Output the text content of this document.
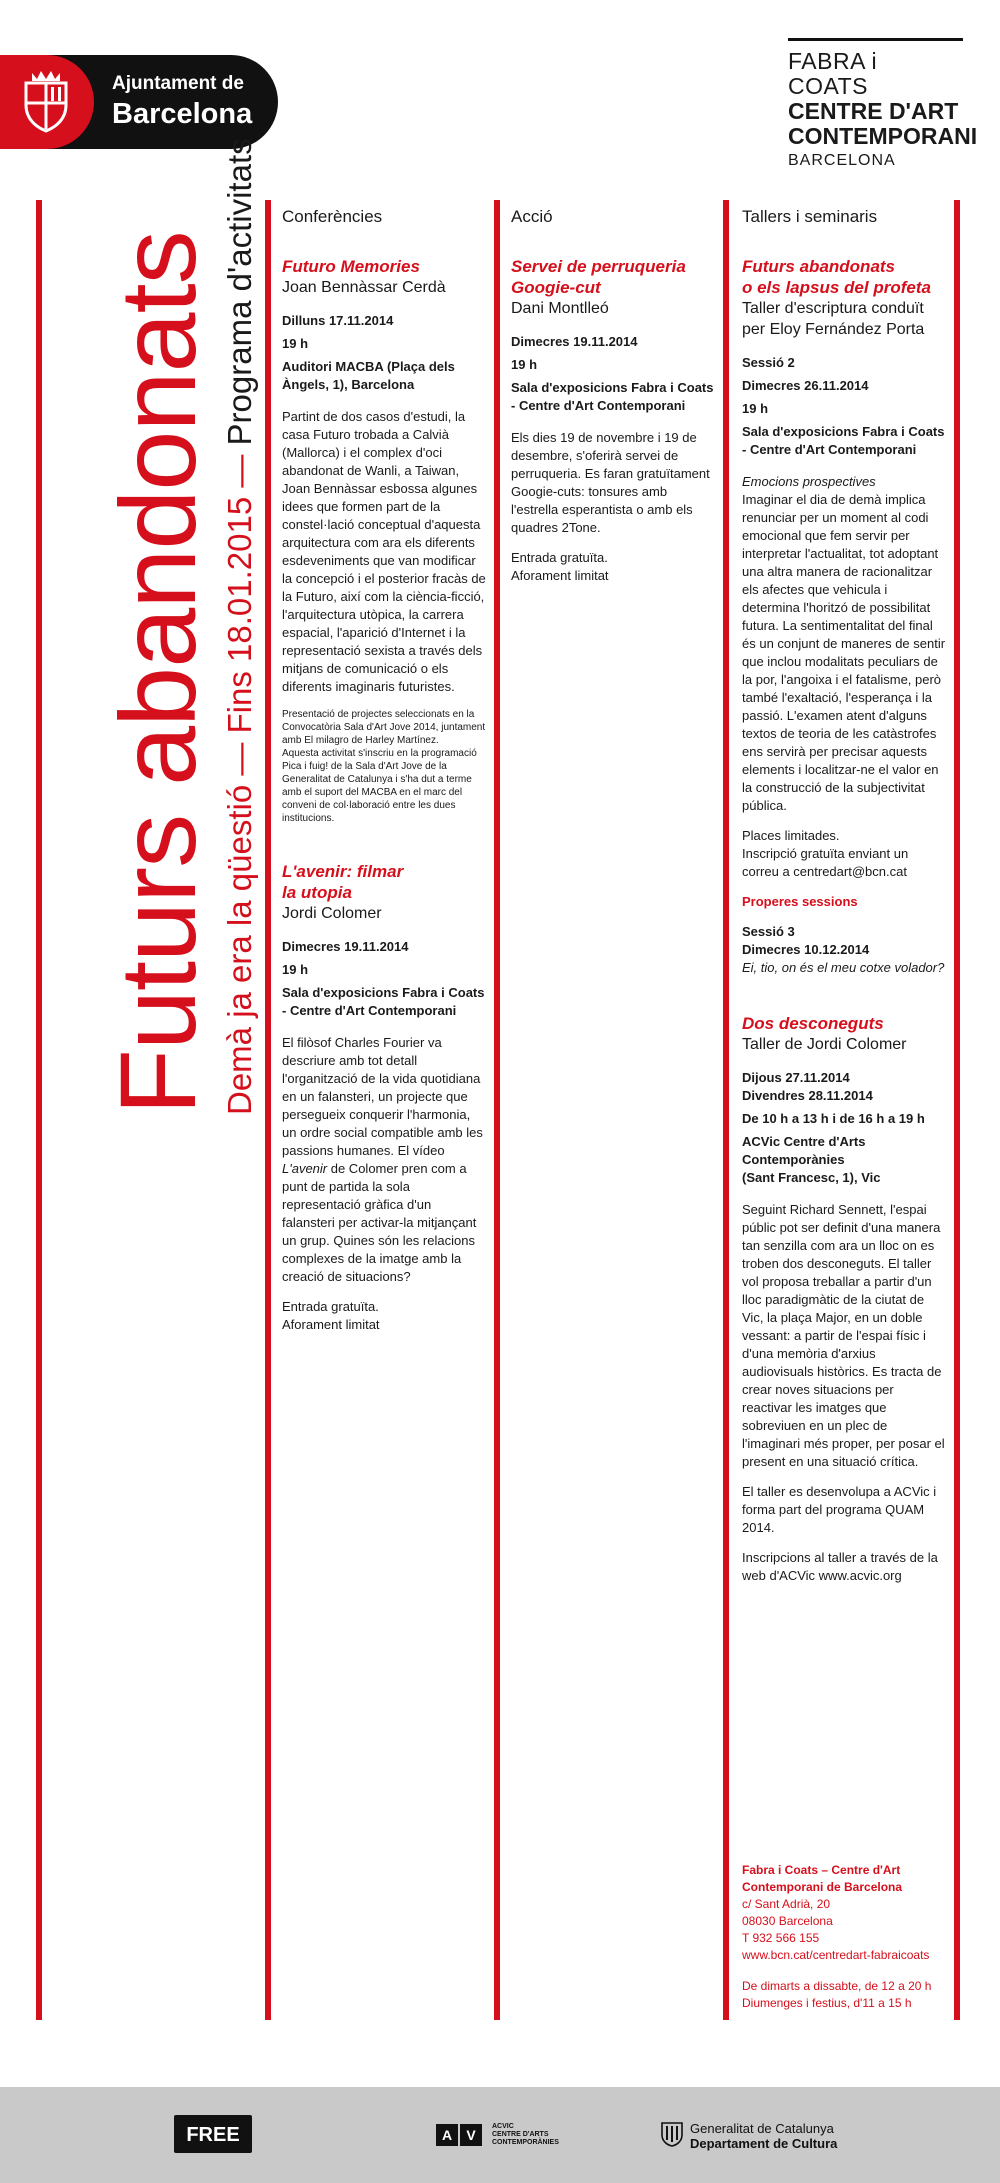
Ajuntament de
Barcelona
FABRA i COATS
CENTRE D'ART
CONTEMPORANI
BARCELONA
Futurs abandonats Demà ja era la qüestió — Fins 18.01.2015 — Programa d'activitats Conferències
Futuro Memories
Joan Bennàssar Cerdà
Dilluns 17.11.2014
19 h
Auditori MACBA (Plaça dels Àngels, 1), Barcelona
Partint de dos casos d'estudi, la casa Futuro trobada a Calvià (Mallorca) i el complex d'oci abandonat de Wanli, a Taiwan, Joan Bennàssar esbossa algunes idees que formen part de la constel·lació conceptual d'aquesta arquitectura com ara els diferents esdeveniments que van modificar la concepció i el posterior fracàs de la Futuro, així com la ciència-ficció, l'arquitectura utòpica, la carrera espacial, l'aparició d'Internet i la representació sexista a través dels mitjans de comunicació o els diferents imaginaris futuristes.
Presentació de projectes seleccionats en la Convocatòria Sala d'Art Jove 2014, juntament amb El milagro de Harley Martínez.
Aquesta activitat s'inscriu en la programació Pica i fuig! de la Sala d'Art Jove de la Generalitat de Catalunya i s'ha dut a terme amb el suport del MACBA en el marc del conveni de col·laboració entre les dues institucions.
L'avenir: filmar
la utopia
Jordi Colomer
Dimecres 19.11.2014
19 h
Sala d'exposicions Fabra i Coats - Centre d'Art Contemporani
El filòsof Charles Fourier va descriure amb tot detall l'organització de la vida quotidiana en un falansteri, un projecte que persegueix conquerir l'harmonia, un ordre social compatible amb les passions humanes. El vídeo L'avenir de Colomer pren com a punt de partida la sola representació gràfica d'un falansteri per activar-la mitjançant un grup. Quines són les relacions complexes de la imatge amb la creació de situacions?
Entrada gratuïta.
Aforament limitat
Acció
Servei de perruqueria
Googie-cut
Dani Montlleó
Dimecres 19.11.2014
19 h
Sala d'exposicions Fabra i Coats - Centre d'Art Contemporani
Els dies 19 de novembre i 19 de desembre, s'oferirà servei de perruqueria. Es faran gratuïtament Googie-cuts: tonsures amb l'estrella esperantista o amb els quadres 2Tone.
Entrada gratuïta.
Aforament limitat
Tallers i seminaris
Futurs abandonats
o els lapsus del profeta
Taller d'escriptura conduït per Eloy Fernández Porta
Sessió 2
Dimecres 26.11.2014
19 h
Sala d'exposicions Fabra i Coats - Centre d'Art Contemporani
Emocions prospectives
Imaginar el dia de demà implica renunciar per un moment al codi emocional que fem servir per interpretar l'actualitat, tot adoptant una altra manera de racionalitzar els afectes que vehicula i determina l'horitzó de possibilitat futura. La sentimentalitat del final és un conjunt de maneres de sentir que inclou modalitats peculiars de la por, l'angoixa i el fatalisme, però també l'exaltació, l'esperança i la passió. L'examen atent d'alguns textos de teoria de les catàstrofes ens servirà per precisar aquests elements i localitzar-ne el valor en la construcció de la subjectivitat pública.
Places limitades.
Inscripció gratuïta enviant un correu a centredart@bcn.cat
Properes sessions
Sessió 3
Dimecres 10.12.2014
Ei, tio, on és el meu cotxe volador?
Dos desconeguts
Taller de Jordi Colomer
Dijous 27.11.2014
Divendres 28.11.2014
De 10 h a 13 h i de 16 h a 19 h
ACVic Centre d'Arts Contemporànies
(Sant Francesc, 1), Vic
Seguint Richard Sennett, l'espai públic pot ser definit d'una manera tan senzilla com ara un lloc on es troben dos desconeguts. El taller vol proposa treballar a partir d'un lloc paradigmàtic de la ciutat de Vic, la plaça Major, en un doble vessant: a partir de l'espai físic i d'una memòria d'arxius audiovisuals històrics. Es tracta de crear noves situacions per reactivar les imatges que sobreviuen en un plec de l'imaginari més proper, per posar el present en una situació crítica.
El taller es desenvolupa a ACVic i forma part del programa QUAM 2014.
Inscripcions al taller a través de la web d'ACVic www.acvic.org
Fabra i Coats – Centre d'Art Contemporani de Barcelona
c/ Sant Adrià, 20
08030 Barcelona
T 932 566 155
www.bcn.cat/centredart-fabraicoats
De dimarts a dissabte, de 12 a 20 h
Diumenges i festius, d'11 a 15 h
FREE	A V
ACVIC
CENTRE D'ARTS
CONTEMPORÀNIES
Generalitat de Catalunya
Departament de Cultura
